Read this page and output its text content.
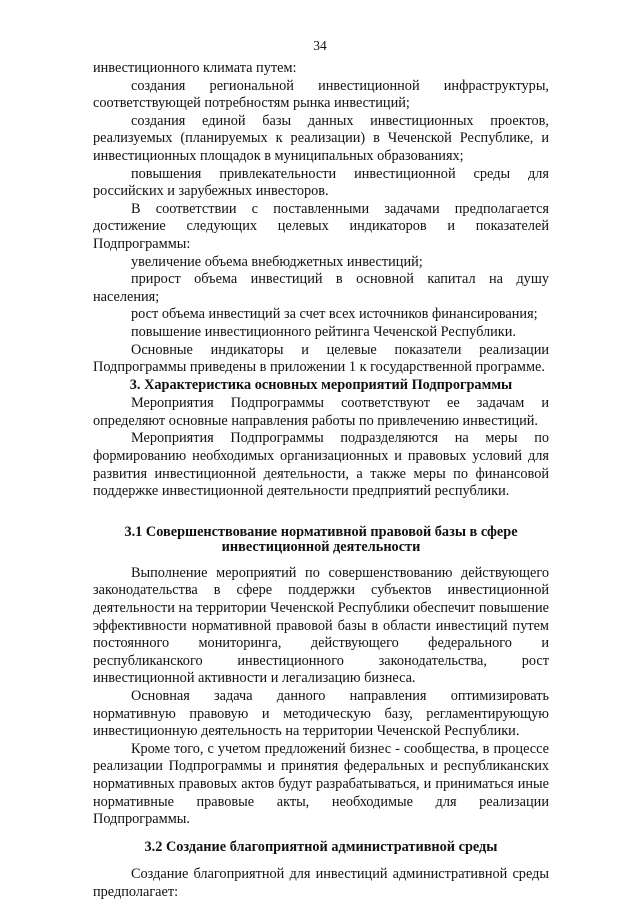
34

инвестиционного климата путем:

создания региональной инвестиционной инфраструктуры, соответствующей потребностям рынка инвестиций;

создания единой базы данных инвестиционных проектов, реализуемых (планируемых к реализации) в Чеченской Республике, и инвестиционных площадок в муниципальных образованиях;

повышения привлекательности инвестиционной среды для российских и зарубежных инвесторов.

В соответствии с поставленными задачами предполагается достижение следующих целевых индикаторов и показателей Подпрограммы:

увеличение объема внебюджетных инвестиций;

прирост объема инвестиций в основной капитал на душу населения;

рост объема инвестиций за счет всех источников финансирования;

повышение инвестиционного рейтинга Чеченской Республики.

Основные индикаторы и целевые показатели реализации Подпрограммы приведены в приложении 1 к государственной программе.

3. Характеристика основных мероприятий Подпрограммы

Мероприятия Подпрограммы соответствуют ее задачам и определяют основные направления работы по привлечению инвестиций.

Мероприятия Подпрограммы подразделяются на меры по формированию необходимых организационных и правовых условий для развития инвестиционной деятельности, а также меры по финансовой поддержке инвестиционной деятельности предприятий республики.

3.1 Совершенствование нормативной правовой базы в сфере инвестиционной деятельности

Выполнение мероприятий по совершенствованию действующего законодательства в сфере поддержки субъектов инвестиционной деятельности на территории Чеченской Республики обеспечит повышение эффективности нормативной правовой базы в области инвестиций путем постоянного мониторинга, действующего федерального и республиканского инвестиционного законодательства, рост инвестиционной активности и легализацию бизнеса.

Основная задача данного направления оптимизировать нормативную правовую и методическую базу, регламентирующую инвестиционную деятельность на территории Чеченской Республики.

Кроме того, с учетом предложений бизнес - сообщества, в процессе реализации Подпрограммы и принятия федеральных и республиканских нормативных правовых актов будут разрабатываться, и приниматься иные нормативные правовые акты, необходимые для реализации Подпрограммы.

3.2 Создание благоприятной административной среды

Создание благоприятной для инвестиций административной среды предполагает:
